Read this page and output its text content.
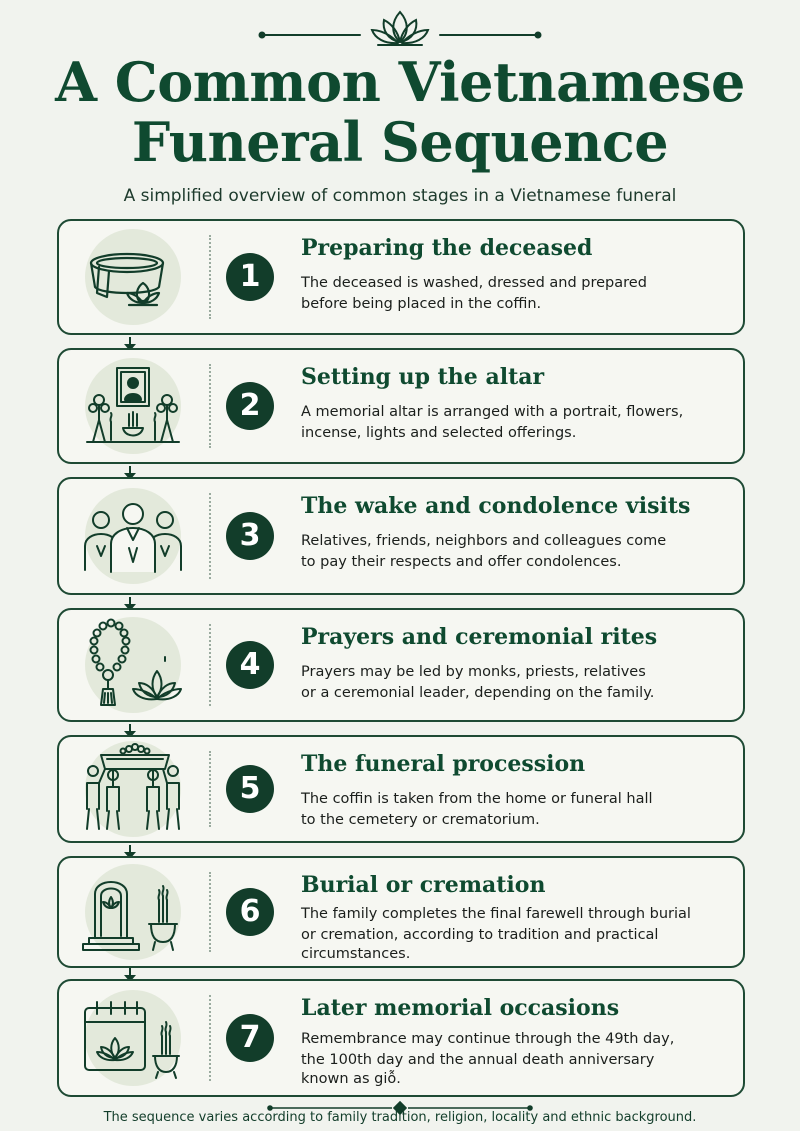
A Common Vietnamese
Funeral Sequence
A simplified overview of common stages in a Vietnamese funeral
1
Preparing the deceased
The deceased is washed, dressed and prepared
before being placed in the coffin.
2
Setting up the altar
A memorial altar is arranged with a portrait, flowers,
incense, lights and selected offerings.
3
The wake and condolence visits
Relatives, friends, neighbors and colleagues come
to pay their respects and offer condolences.
4
Prayers and ceremonial rites
Prayers may be led by monks, priests, relatives
or a ceremonial leader, depending on the family.
5
The funeral procession
The coffin is taken from the home or funeral hall
to the cemetery or crematorium.
6
Burial or cremation
The family completes the final farewell through burial
or cremation, according to tradition and practical
circumstances.
7
Later memorial occasions
Remembrance may continue through the 49th day,
the 100th day and the annual death anniversary
known as giỗ.
The sequence varies according to family tradition, religion, locality and ethnic background.
